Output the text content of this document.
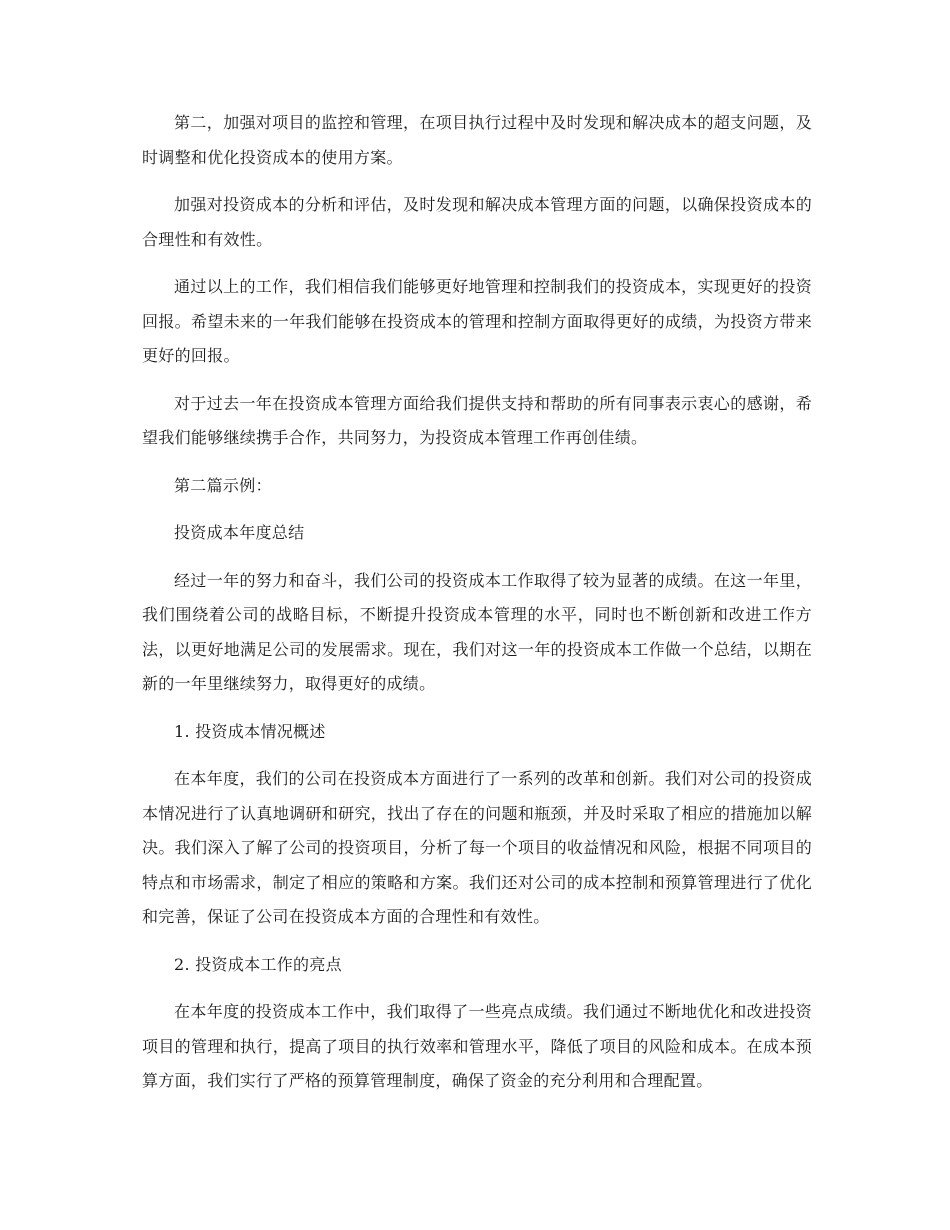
第二，加强对项目的监控和管理，在项目执行过程中及时发现和解决成本的超支问题，及时调整和优化投资成本的使用方案。

加强对投资成本的分析和评估，及时发现和解决成本管理方面的问题，以确保投资成本的合理性和有效性。

通过以上的工作，我们相信我们能够更好地管理和控制我们的投资成本，实现更好的投资回报。希望未来的一年我们能够在投资成本的管理和控制方面取得更好的成绩，为投资方带来更好的回报。

对于过去一年在投资成本管理方面给我们提供支持和帮助的所有同事表示衷心的感谢，希望我们能够继续携手合作，共同努力，为投资成本管理工作再创佳绩。

第二篇示例：

投资成本年度总结

经过一年的努力和奋斗，我们公司的投资成本工作取得了较为显著的成绩。在这一年里，我们围绕着公司的战略目标，不断提升投资成本管理的水平，同时也不断创新和改进工作方法，以更好地满足公司的发展需求。现在，我们对这一年的投资成本工作做一个总结，以期在新的一年里继续努力，取得更好的成绩。

1. 投资成本情况概述

在本年度，我们的公司在投资成本方面进行了一系列的改革和创新。我们对公司的投资成本情况进行了认真地调研和研究，找出了存在的问题和瓶颈，并及时采取了相应的措施加以解决。我们深入了解了公司的投资项目，分析了每一个项目的收益情况和风险，根据不同项目的特点和市场需求，制定了相应的策略和方案。我们还对公司的成本控制和预算管理进行了优化和完善，保证了公司在投资成本方面的合理性和有效性。

2. 投资成本工作的亮点

在本年度的投资成本工作中，我们取得了一些亮点成绩。我们通过不断地优化和改进投资项目的管理和执行，提高了项目的执行效率和管理水平，降低了项目的风险和成本。在成本预算方面，我们实行了严格的预算管理制度，确保了资金的充分利用和合理配置。
